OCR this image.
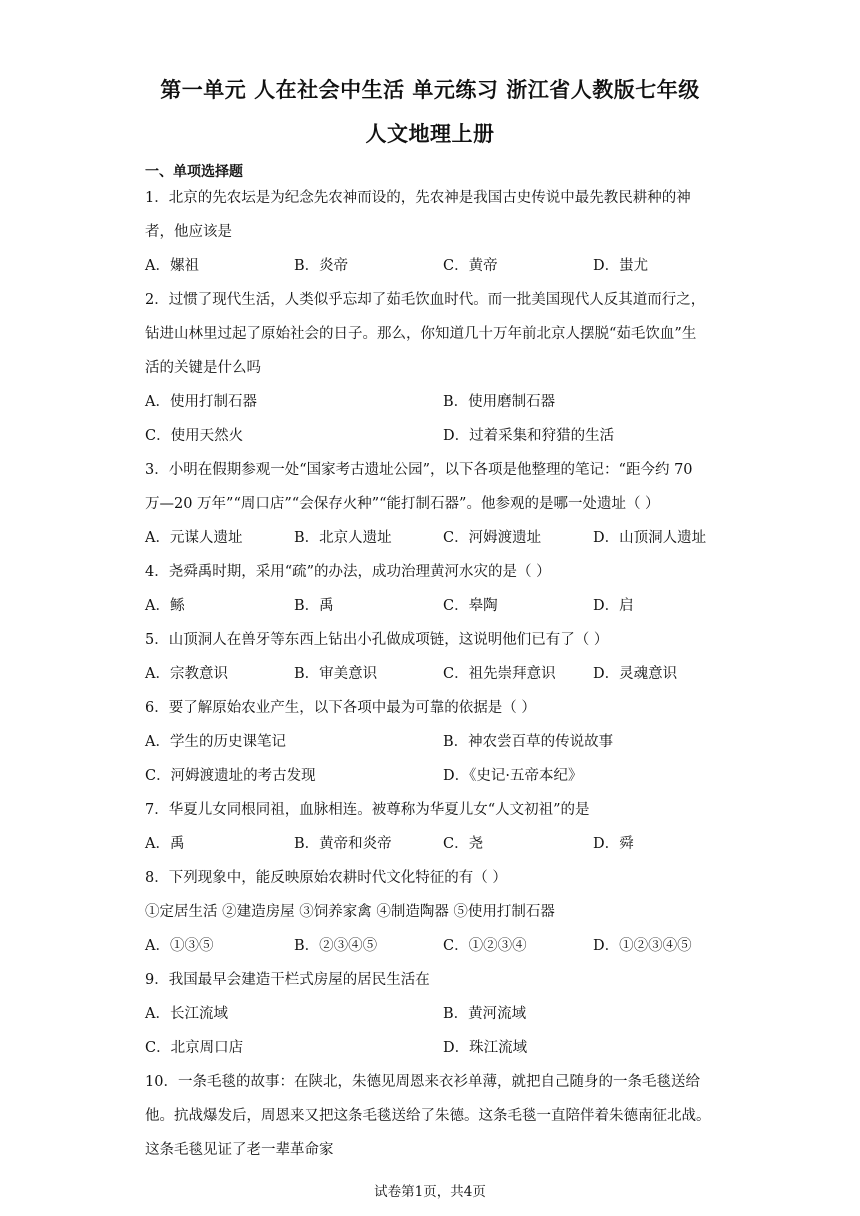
第一单元 人在社会中生活 单元练习 浙江省人教版七年级
人文地理上册
一、单项选择题
1．北京的先农坛是为纪念先农神而设的，先农神是我国古史传说中最先教民耕种的神
者，他应该是
A．嫘祖	B．炎帝	C．黄帝	D．蚩尤
2．过惯了现代生活，人类似乎忘却了茹毛饮血时代。而一批美国现代人反其道而行之，
钻进山林里过起了原始社会的日子。那么，你知道几十万年前北京人摆脱“茹毛饮血”生
活的关键是什么吗
A．使用打制石器	B．使用磨制石器
C．使用天然火	D．过着采集和狩猎的生活
3．小明在假期参观一处“国家考古遗址公园”，以下各项是他整理的笔记：“距今约 70
万—20 万年”“周口店”“会保存火种”“能打制石器”。他参观的是哪一处遗址（ ）
A．元谋人遗址	B．北京人遗址	C．河姆渡遗址	D．山顶洞人遗址
4．尧舜禹时期，采用“疏”的办法，成功治理黄河水灾的是（ ）
A．鲧	B．禹	C．皋陶	D．启
5．山顶洞人在兽牙等东西上钻出小孔做成项链，这说明他们已有了（ ）
A．宗教意识	B．审美意识	C．祖先崇拜意识	D．灵魂意识
6．要了解原始农业产生，以下各项中最为可靠的依据是（ ）
A．学生的历史课笔记	B．神农尝百草的传说故事
C．河姆渡遗址的考古发现	D．《史记·五帝本纪》
7．华夏儿女同根同祖，血脉相连。被尊称为华夏儿女“人文初祖”的是
A．禹	B．黄帝和炎帝	C．尧	D．舜
8．下列现象中，能反映原始农耕时代文化特征的有（ ）
①定居生活 ②建造房屋 ③饲养家禽 ④制造陶器 ⑤使用打制石器
A．①③⑤	B．②③④⑤	C．①②③④	D．①②③④⑤
9．我国最早会建造干栏式房屋的居民生活在
A．长江流域	B．黄河流域
C．北京周口店	D．珠江流域
10．一条毛毯的故事：在陕北，朱德见周恩来衣衫单薄，就把自己随身的一条毛毯送给
他。抗战爆发后，周恩来又把这条毛毯送给了朱德。这条毛毯一直陪伴着朱德南征北战。
这条毛毯见证了老一辈革命家
试卷第1页，共4页
